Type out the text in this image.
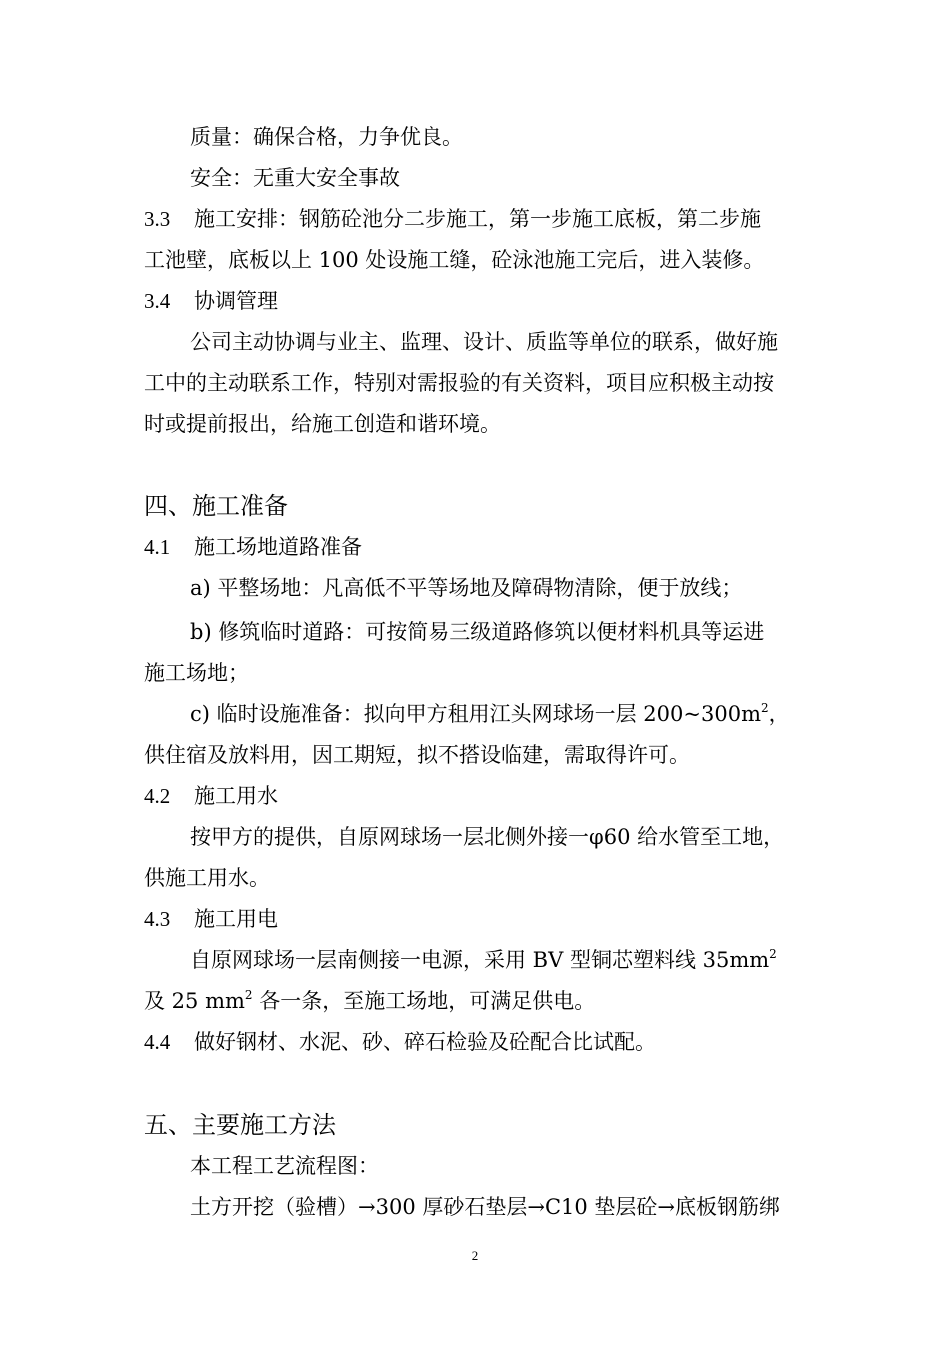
质量：确保合格，力争优良。
安全：无重大安全事故
3.3 施工安排：钢筋砼池分二步施工，第一步施工底板，第二步施
工池壁，底板以上 100 处设施工缝，砼泳池施工完后，进入装修。
3.4 协调管理
公司主动协调与业主、监理、设计、质监等单位的联系，做好施
工中的主动联系工作，特别对需报验的有关资料，项目应积极主动按
时或提前报出，给施工创造和谐环境。
四、施工准备
4.1 施工场地道路准备
a) 平整场地：凡高低不平等场地及障碍物清除，便于放线；
b) 修筑临时道路：可按简易三级道路修筑以便材料机具等运进
施工场地；
c) 临时设施准备：拟向甲方租用江头网球场一层 $200\sim 300m^2$，
供住宿及放料用，因工期短，拟不搭设临建，需取得许可。
4.2 施工用水
按甲方的提供，自原网球场一层北侧外接一φ60 给水管至工地，
供施工用水。
4.3 施工用电
自原网球场一层南侧接一电源，采用 BV 型铜芯塑料线 $35mm^2$
及 25 $mm^2$ 各一条，至施工场地，可满足供电。
4.4 做好钢材、水泥、砂、碎石检验及砼配合比试配。
五、主要施工方法
本工程工艺流程图：
土方开挖（验槽）→300 厚砂石垫层→C10 垫层砼→底板钢筋绑
2
